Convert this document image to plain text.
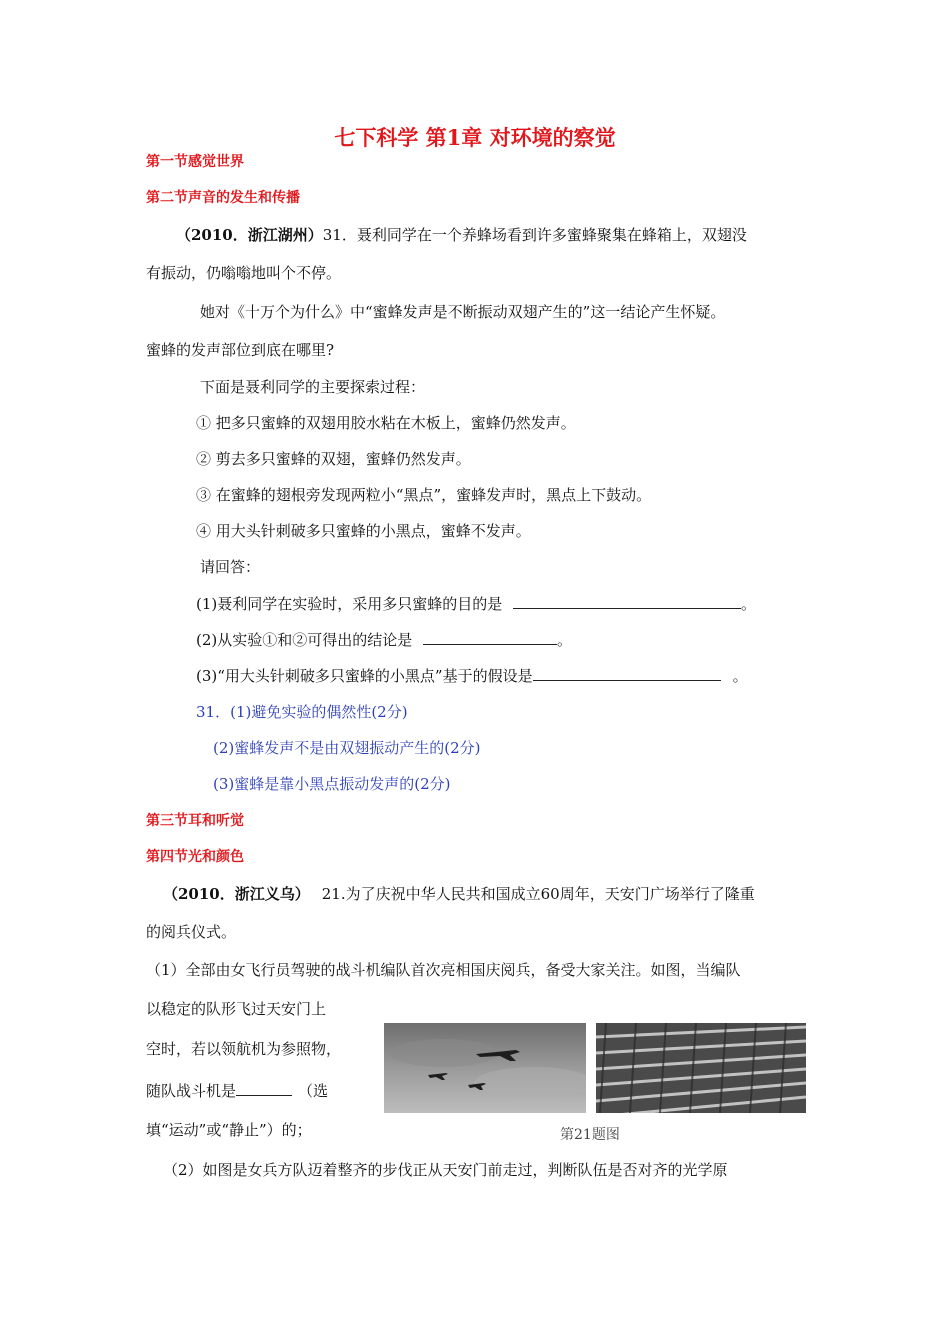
七下科学 第1章 对环境的察觉
第一节感觉世界
第二节声音的发生和传播
（2010．浙江湖州）31．聂利同学在一个养蜂场看到许多蜜蜂聚集在蜂箱上，双翅没
有振动，仍嗡嗡地叫个不停。
她对《十万个为什么》中“蜜蜂发声是不断振动双翅产生的”这一结论产生怀疑。
蜜蜂的发声部位到底在哪里?
下面是聂利同学的主要探索过程：
① 把多只蜜蜂的双翅用胶水粘在木板上，蜜蜂仍然发声。
② 剪去多只蜜蜂的双翅，蜜蜂仍然发声。
③ 在蜜蜂的翅根旁发现两粒小“黑点”，蜜蜂发声时，黑点上下鼓动。
④ 用大头针刺破多只蜜蜂的小黑点，蜜蜂不发声。
请回答：
(1)聂利同学在实验时，采用多只蜜蜂的目的是	。
(2)从实验①和②可得出的结论是	。
(3)“用大头针刺破多只蜜蜂的小黑点”基于的假设是	。
31．(1)避免实验的偶然性(2分)
(2)蜜蜂发声不是由双翅振动产生的(2分)
(3)蜜蜂是靠小黑点振动发声的(2分)
第三节耳和听觉
第四节光和颜色
（2010．浙江义乌） 21.为了庆祝中华人民共和国成立60周年，天安门广场举行了隆重
的阅兵仪式。
（1）全部由女飞行员驾驶的战斗机编队首次亮相国庆阅兵，备受大家关注。如图，当编队
以稳定的队形飞过天安门上
空时，若以领航机为参照物，
随队战斗机是	（选
填“运动”或“静止”）的；	第21题图
（2）如图是女兵方队迈着整齐的步伐正从天安门前走过，判断队伍是否对齐的光学原
